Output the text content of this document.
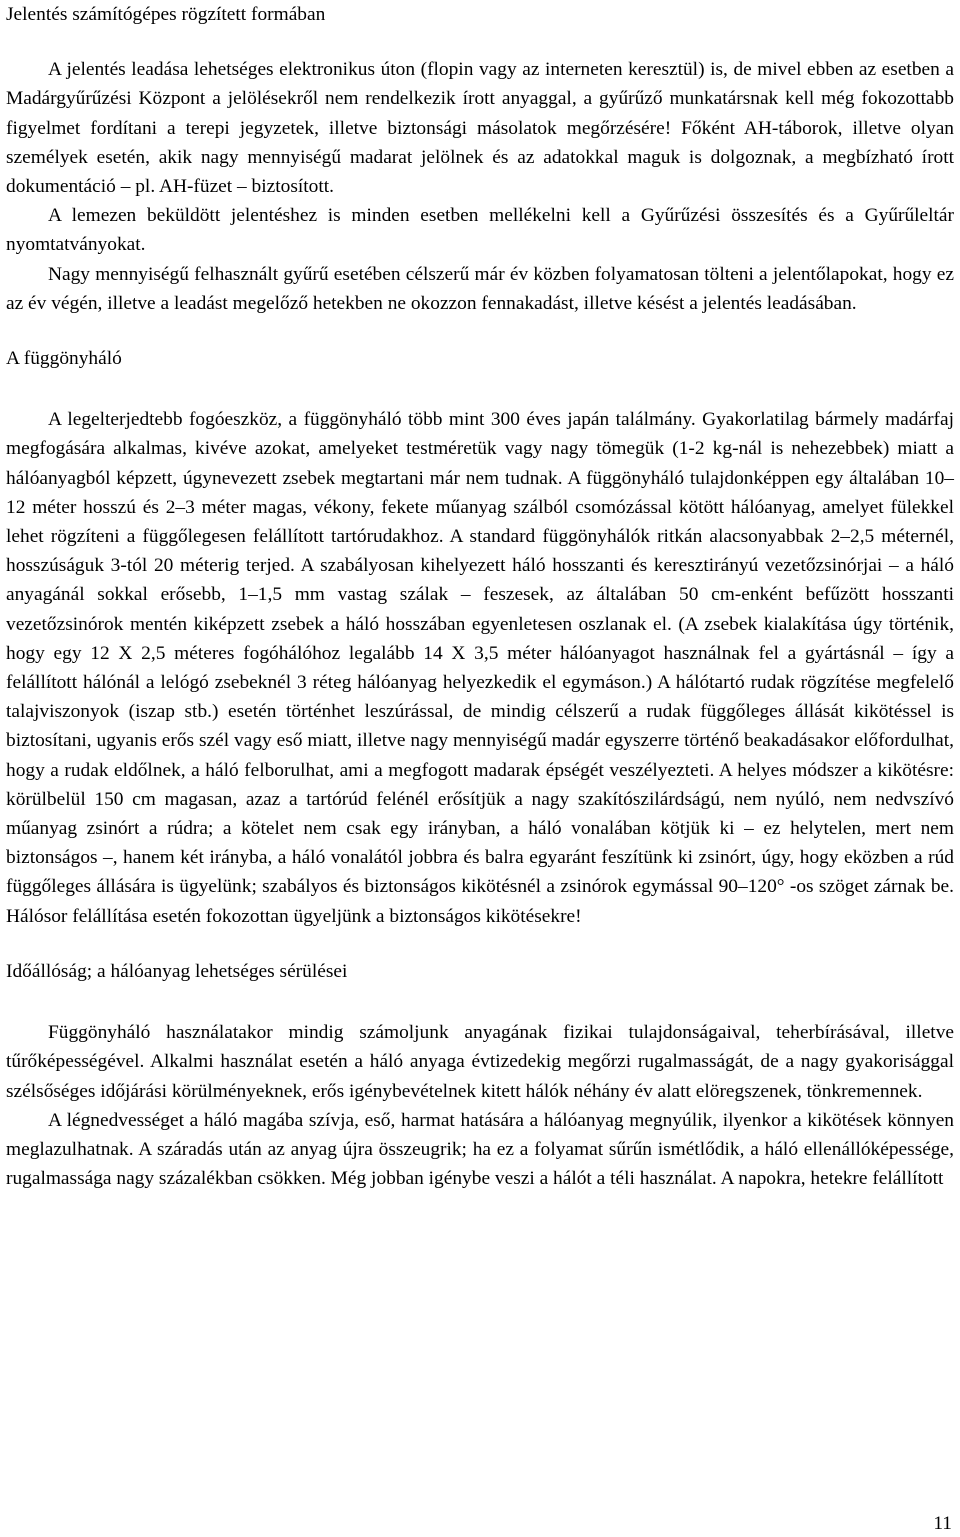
Jelentés számítógépes rögzített formában

A jelentés leadása lehetséges elektronikus úton (flopin vagy az interneten keresztül) is, de mivel ebben az esetben a Madárgyűrűzési Központ a jelölésekről nem rendelkezik írott anyaggal, a gyűrűző munkatársnak kell még fokozottabb figyelmet fordítani a terepi jegyzetek, illetve biztonsági másolatok megőrzésére! Főként AH-táborok, illetve olyan személyek esetén, akik nagy mennyiségű madarat jelölnek és az adatokkal maguk is dolgoznak, a megbízható írott dokumentáció – pl. AH-füzet – biztosított.

A lemezen beküldött jelentéshez is minden esetben mellékelni kell a Gyűrűzési összesítés és a Gyűrűleltár nyomtatványokat.

Nagy mennyiségű felhasznált gyűrű esetében célszerű már év közben folyamatosan tölteni a jelentőlapokat, hogy ez az év végén, illetve a leadást megelőző hetekben ne okozzon fennakadást, illetve késést a jelentés leadásában.

A függönyháló

A legelterjedtebb fogóeszköz, a függönyháló több mint 300 éves japán találmány. Gyakorlatilag bármely madárfaj megfogására alkalmas, kivéve azokat, amelyeket testméretük vagy nagy tömegük (1-2 kg-nál is nehezebbek) miatt a hálóanyagból képzett, úgynevezett zsebek megtartani már nem tudnak. A függönyháló tulajdonképpen egy általában 10–12 méter hosszú és 2–3 méter magas, vékony, fekete műanyag szálból csomózással kötött hálóanyag, amelyet fülekkel lehet rögzíteni a függőlegesen felállított tartórudakhoz. A standard függönyhálók ritkán alacsonyabbak 2–2,5 méternél, hosszúságuk 3-tól 20 méterig terjed. A szabályosan kihelyezett háló hosszanti és keresztirányú vezetőzsinórjai – a háló anyagánál sokkal erősebb, 1–1,5 mm vastag szálak – feszesek, az általában 50 cm-enként befűzött hosszanti vezetőzsinórok mentén kiképzett zsebek a háló hosszában egyenletesen oszlanak el. (A zsebek kialakítása úgy történik, hogy egy 12 X 2,5 méteres fogóhálóhoz legalább 14 X 3,5 méter hálóanyagot használnak fel a gyártásnál – így a felállított hálónál a lelógó zsebeknél 3 réteg hálóanyag helyezkedik el egymáson.) A hálótartó rudak rögzítése megfelelő talajviszonyok (iszap stb.) esetén történhet leszúrással, de mindig célszerű a rudak függőleges állását kikötéssel is biztosítani, ugyanis erős szél vagy eső miatt, illetve nagy mennyiségű madár egyszerre történő beakadásakor előfordulhat, hogy a rudak eldőlnek, a háló felborulhat, ami a megfogott madarak épségét veszélyezteti. A helyes módszer a kikötésre: körülbelül 150 cm magasan, azaz a tartórúd felénél erősítjük a nagy szakítószilárdságú, nem nyúló, nem nedvszívó műanyag zsinórt a rúdra; a kötelet nem csak egy irányban, a háló vonalában kötjük ki – ez helytelen, mert nem biztonságos –, hanem két irányba, a háló vonalától jobbra és balra egyaránt feszítünk ki zsinórt, úgy, hogy eközben a rúd függőleges állására is ügyelünk; szabályos és biztonságos kikötésnél a zsinórok egymással 90–120° -os szöget zárnak be. Hálósor felállítása esetén fokozottan ügyeljünk a biztonságos kikötésekre!

Időállóság; a hálóanyag lehetséges sérülései

Függönyháló használatakor mindig számoljunk anyagának fizikai tulajdonságaival, teherbírásával, illetve tűrőképességével. Alkalmi használat esetén a háló anyaga évtizedekig megőrzi rugalmasságát, de a nagy gyakorisággal szélsőséges időjárási körülményeknek, erős igénybevételnek kitett hálók néhány év alatt elöregszenek, tönkremennek.

A légnedvességet a háló magába szívja, eső, harmat hatására a hálóanyag megnyúlik, ilyenkor a kikötések könnyen meglazulhatnak. A száradás után az anyag újra összeugrik; ha ez a folyamat sűrűn ismétlődik, a háló ellenállóképessége, rugalmassága nagy százalékban csökken. Még jobban igénybe veszi a hálót a téli használat. A napokra, hetekre felállított

11
